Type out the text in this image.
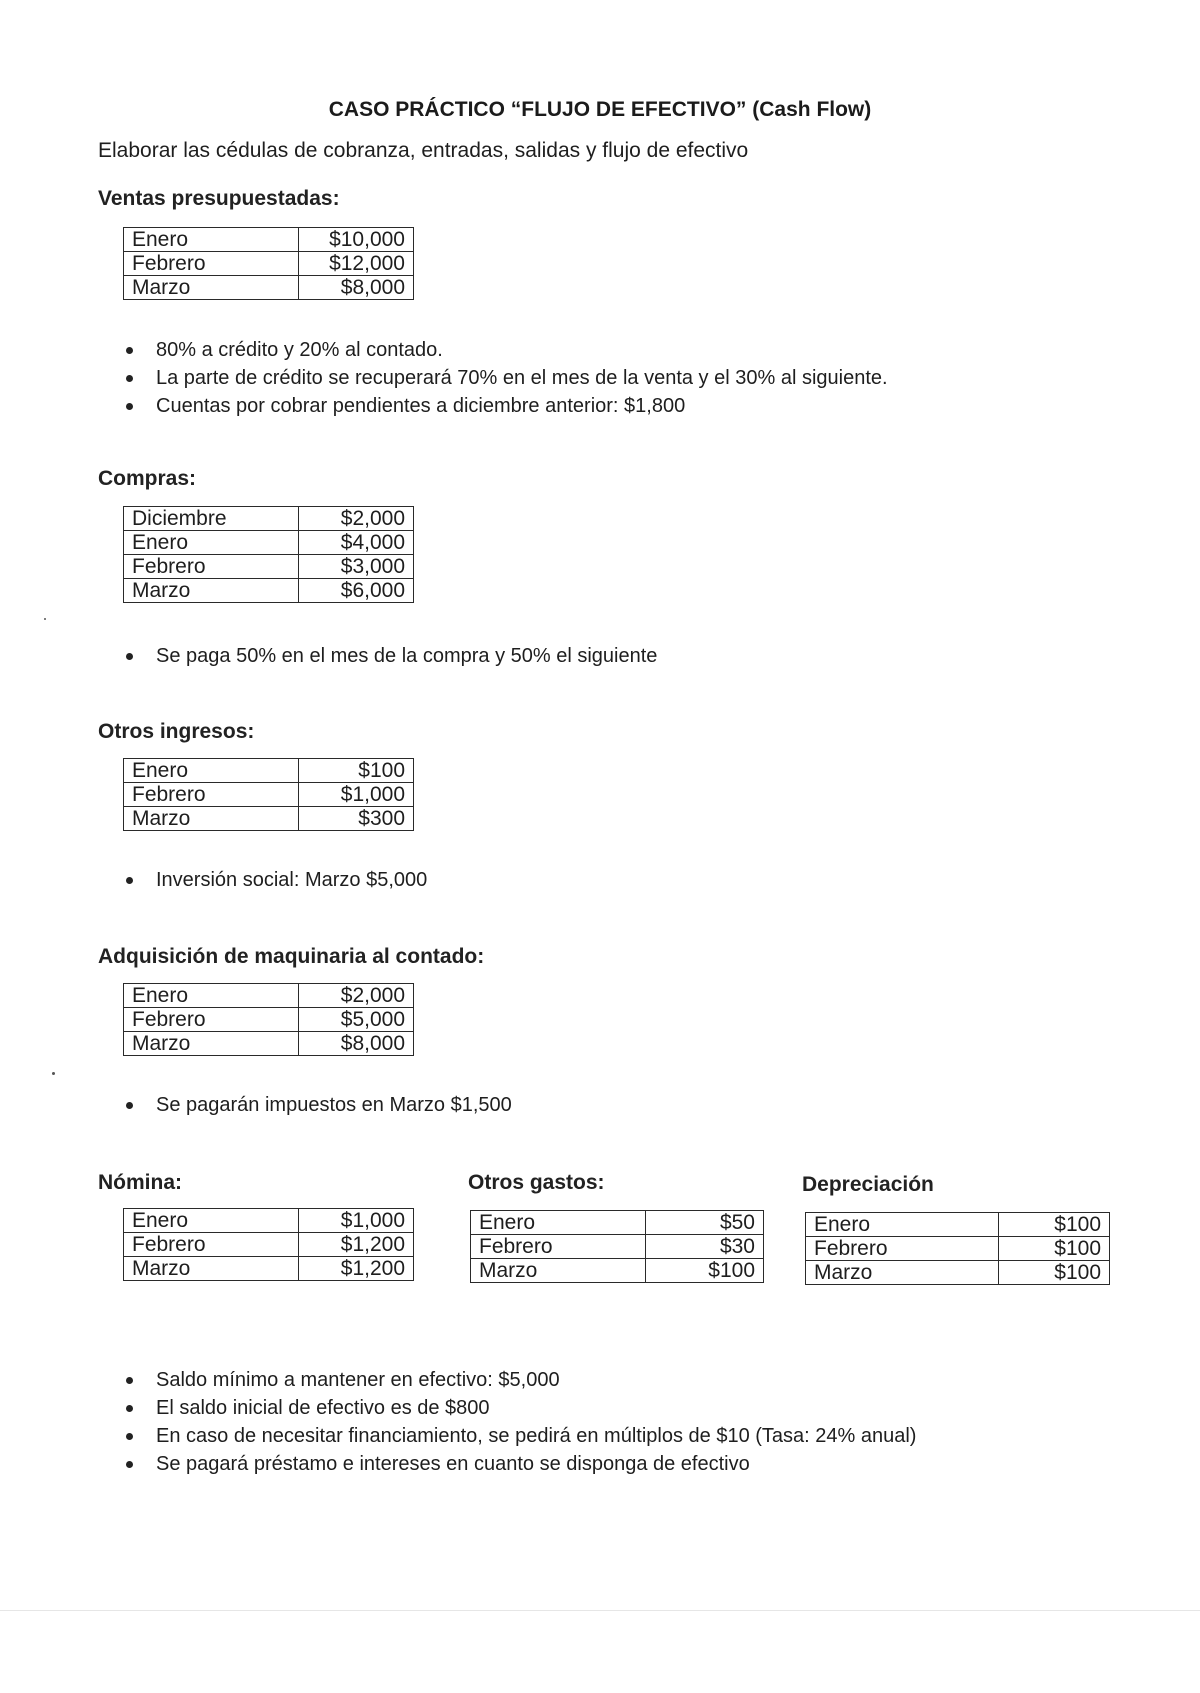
CASO PRÁCTICO “FLUJO DE EFECTIVO” (Cash Flow)
Elaborar las cédulas de cobranza, entradas, salidas y flujo de efectivo
Ventas presupuestadas:
Enero	$10,000
Febrero	$12,000
Marzo	$8,000
80% a crédito y 20% al contado.
La parte de crédito se recuperará 70% en el mes de la venta y el 30% al siguiente.
Cuentas por cobrar pendientes a diciembre anterior: $1,800
Compras:
Diciembre	$2,000
Enero	$4,000
Febrero	$3,000
Marzo	$6,000
Se paga 50% en el mes de la compra y 50% el siguiente
Otros ingresos:
Enero	$100
Febrero	$1,000
Marzo	$300
Inversión social: Marzo $5,000
Adquisición de maquinaria al contado:
Enero	$2,000
Febrero	$5,000
Marzo	$8,000
Se pagarán impuestos en Marzo $1,500
Nómina:	Otros gastos:	Depreciación
Enero	$1,000
Febrero	$1,200
Marzo	$1,200
Enero	$50
Febrero	$30
Marzo	$100
Enero	$100
Febrero	$100
Marzo	$100
Saldo mínimo a mantener en efectivo: $5,000
El saldo inicial de efectivo es de $800
En caso de necesitar financiamiento, se pedirá en múltiplos de $10 (Tasa: 24% anual)
Se pagará préstamo e intereses en cuanto se disponga de efectivo
